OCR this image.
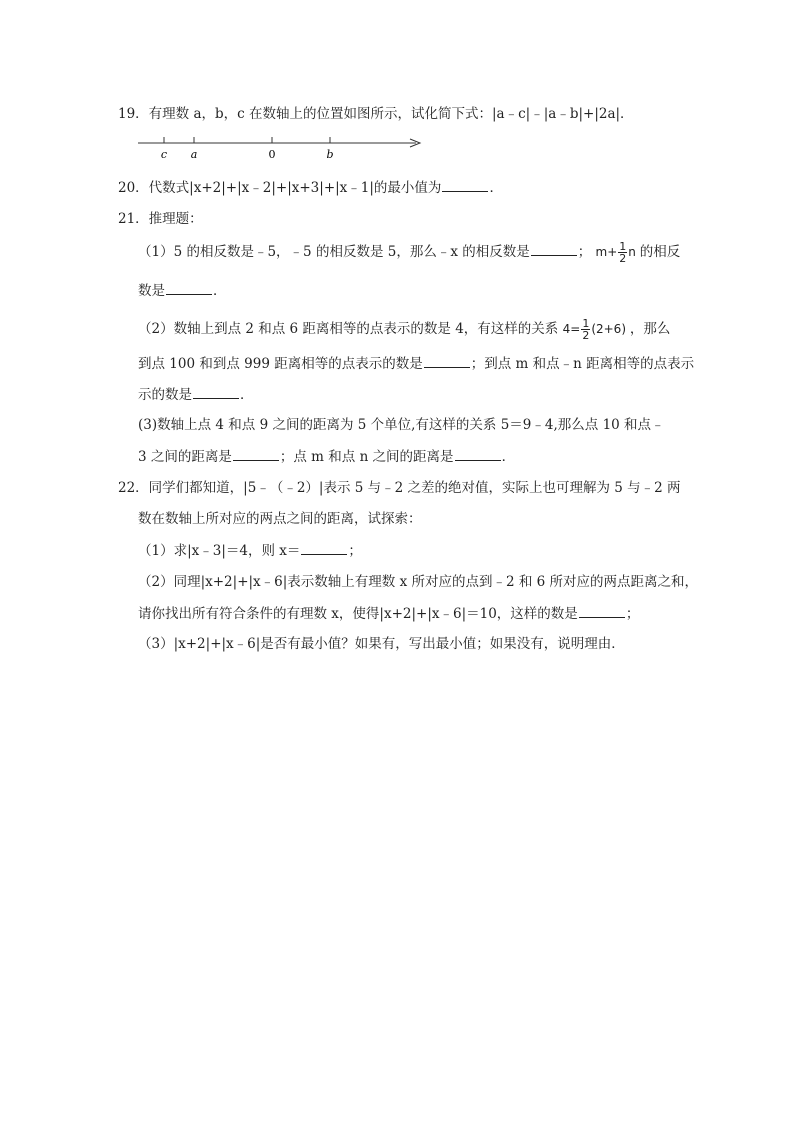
19．有理数 a，b，c 在数轴上的位置如图所示，试化简下式：|a﹣c|﹣|a﹣b|+|2a|．
c a	0	b
20．代数式|x+2|+|x﹣2|+|x+3|+|x﹣1|的最小值为	．
21．推理题：
（1）5 的相反数是﹣5，﹣5 的相反数是 5，那么﹣x 的相反数是	； $m+ \frac{1}{2}$ n 的相反
数是	．
（2）数轴上到点 2 和点 6 距离相等的点表示的数是 4，有这样的关系 $4= \frac{1}{2} (2+6)$ ，那么
到点 100 和到点 999 距离相等的点表示的数是	；到点 m 和点﹣n 距离相等的点表示
示的数是	．
(3)数轴上点 4 和点 9 之间的距离为 5 个单位,有这样的关系 5＝9﹣4,那么点 10 和点﹣
3 之间的距离是	；点 m 和点 n 之间的距离是	．
22．同学们都知道，|5﹣（﹣2）|表示 5 与﹣2 之差的绝对值，实际上也可理解为 5 与﹣2 两
数在数轴上所对应的两点之间的距离，试探索：
（1）求|x﹣3|＝4，则 x＝	；
（2）同理|x+2|+|x﹣6|表示数轴上有理数 x 所对应的点到﹣2 和 6 所对应的两点距离之和，
请你找出所有符合条件的有理数 x，使得|x+2|+|x﹣6|＝10，这样的数是	；
（3）|x+2|+|x﹣6|是否有最小值？如果有，写出最小值；如果没有，说明理由．
